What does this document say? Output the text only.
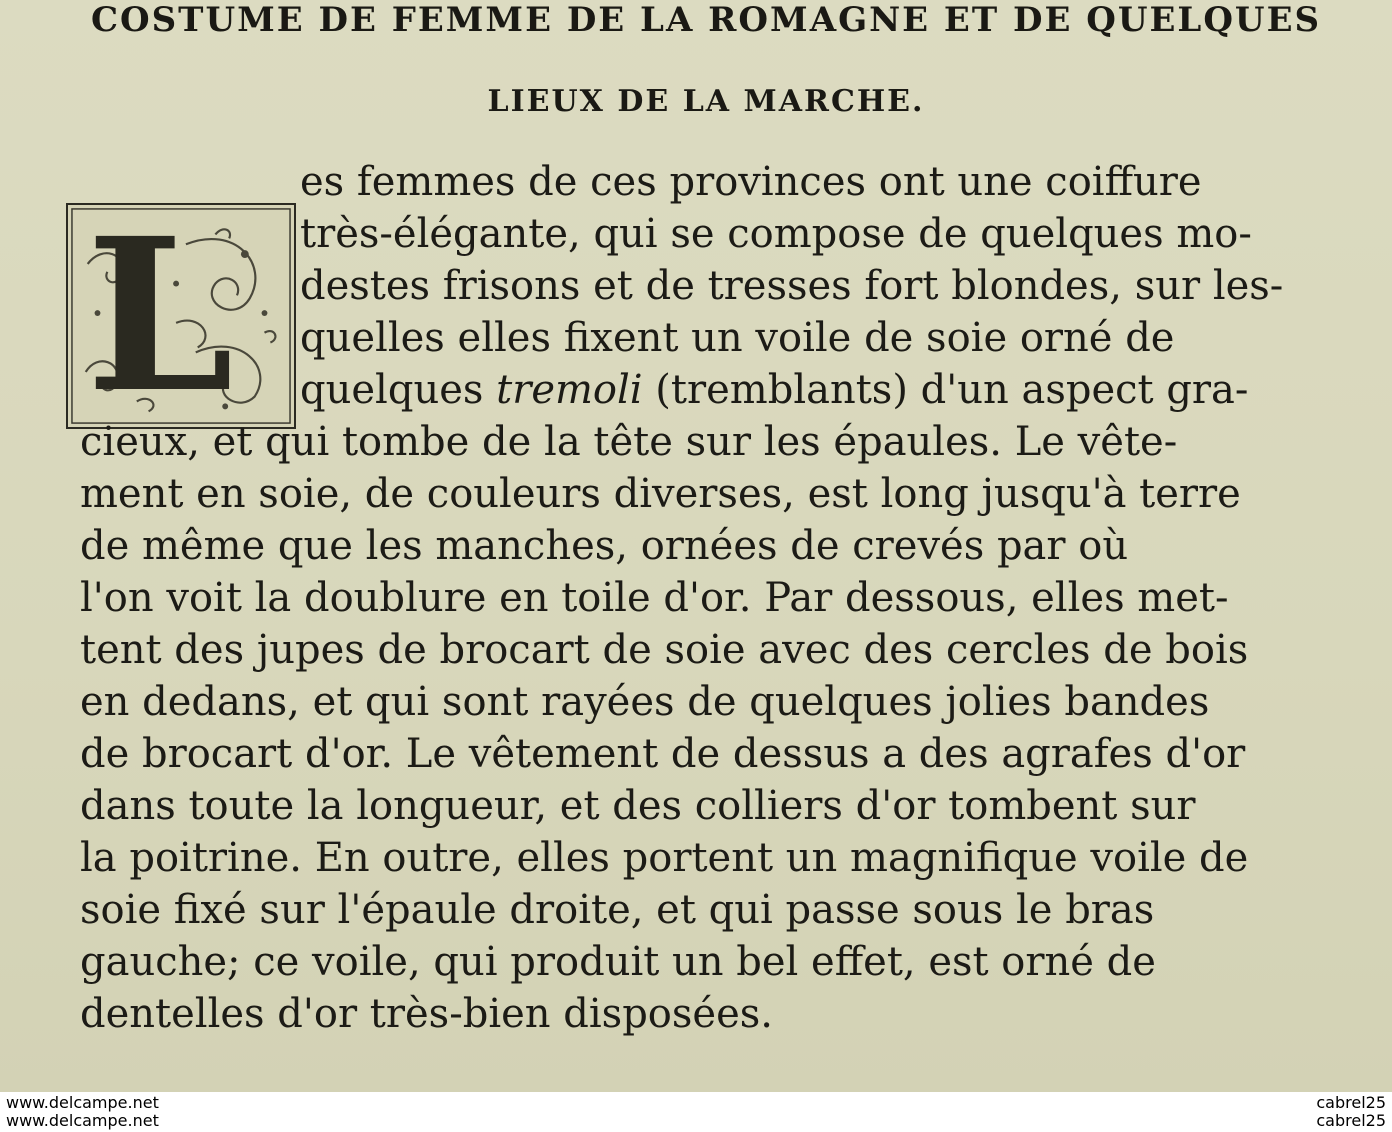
COSTUME DE FEMME DE LA ROMAGNE ET DE QUELQUES
LIEUX DE LA MARCHE.
L
es femmes de ces provinces ont une coiffure
très-élégante, qui se compose de quelques mo-
destes frisons et de tresses fort blondes, sur les-
quelles elles fixent un voile de soie orné de
quelques tremoli (tremblants) d'un aspect gra-
cieux, et qui tombe de la tête sur les épaules. Le vête-
ment en soie, de couleurs diverses, est long jusqu'à terre
de même que les manches, ornées de crevés par où
l'on voit la doublure en toile d'or. Par dessous, elles met-
tent des jupes de brocart de soie avec des cercles de bois
en dedans, et qui sont rayées de quelques jolies bandes
de brocart d'or. Le vêtement de dessus a des agrafes d'or
dans toute la longueur, et des colliers d'or tombent sur
la poitrine. En outre, elles portent un magnifique voile de
soie fixé sur l'épaule droite, et qui passe sous le bras
gauche; ce voile, qui produit un bel effet, est orné de
dentelles d'or très-bien disposées.
www.delcampe.net
www.delcampe.net
cabrel25
cabrel25
